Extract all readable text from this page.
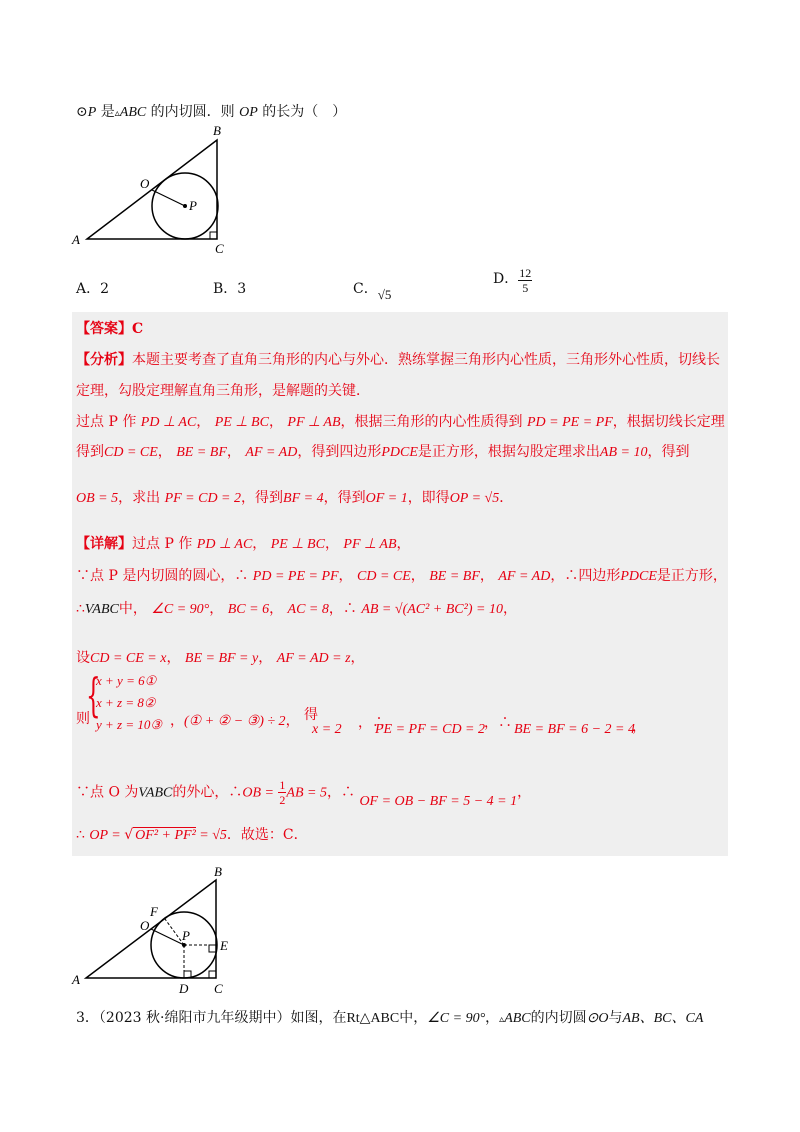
⊙P 是▵ABC 的内切圆．则 OP 的长为（　）
B
O
P
A
C
A．2	B．3	C．√5
D． $\frac{12}{5}$
【答案】C
【分析】本题主要考查了直角三角形的内心与外心．熟练掌握三角形内心性质，三角形外心性质，切线长
定理，勾股定理解直角三角形，是解题的关键．
过点 P 作 PD ⊥ AC， PE ⊥ BC， PF ⊥ AB，根据三角形的内心性质得到 PD = PE = PF，根据切线长定理
得到CD = CE， BE = BF， AF = AD，得到四边形PDCE是正方形，根据勾股定理求出AB = 10，得到
OB = 5，求出 PF = CD = 2，得到BF = 4，得到OF = 1，即得OP = √5．
【详解】过点 P 作 PD ⊥ AC， PE ⊥ BC， PF ⊥ AB，
∵点 P 是内切圆的圆心，∴ PD = PE = PF， CD = CE， BE = BF， AF = AD，∴四边形PDCE是正方形，
∴VABC中， ∠C = 90°， BC = 6， AC = 8，∴ AB = √(AC² + BC²) = 10，
设CD = CE = x， BE = BF = y， AF = AD = z，
则
{
x + y = 6①
x + z = 8②
y + z = 10③ ，(① + ② − ③) ÷ 2， 得
x = 2 ，∴
PE = PF = CD = 2 ，∴ BE = BF = 6 − 2 = 4
，
∵点 O 为VABC的外心，∴OB = $\frac{1}{2}$ AB = 5，∴ OF = OB − BF = 5 − 4 = 1，
∴ OP = √ OF² + PF² = √5．故选：C．
B
F
O
P
E
A
D C
3．（2023 秋·绵阳市九年级期中）如图，在Rt△ABC中，∠C = 90°，▵ABC的内切圆⊙O与AB、BC、CA
